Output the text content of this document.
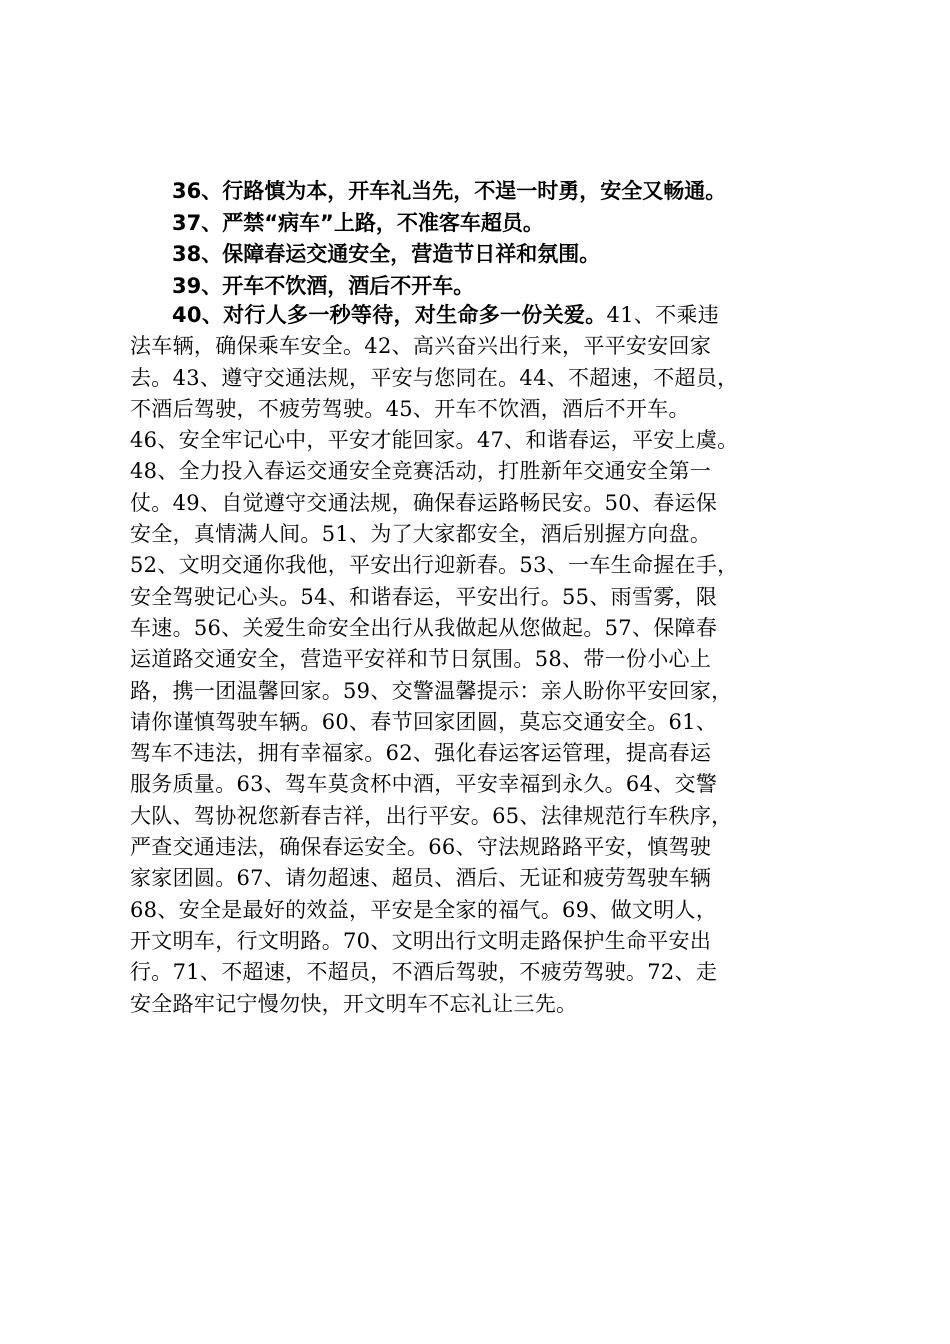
36、行路慎为本，开车礼当先，不逞一时勇，安全又畅通。
37、严禁“病车”上路，不准客车超员。
38、保障春运交通安全，营造节日祥和氛围。
39、开车不饮酒，酒后不开车。
40、对行人多一秒等待，对生命多一份关爱。41、不乘违
法车辆，确保乘车安全。42、高兴奋兴出行来，平平安安回家
去。43、遵守交通法规，平安与您同在。44、不超速，不超员，
不酒后驾驶，不疲劳驾驶。45、开车不饮酒，酒后不开车。
46、安全牢记心中，平安才能回家。47、和谐春运，平安上虞。
48、全力投入春运交通安全竞赛活动，打胜新年交通安全第一
仗。49、自觉遵守交通法规，确保春运路畅民安。50、春运保
安全，真情满人间。51、为了大家都安全，酒后别握方向盘。
52、文明交通你我他，平安出行迎新春。53、一车生命握在手，
安全驾驶记心头。54、和谐春运，平安出行。55、雨雪雾，限
车速。56、关爱生命安全出行从我做起从您做起。57、保障春
运道路交通安全，营造平安祥和节日氛围。58、带一份小心上
路，携一团温馨回家。59、交警温馨提示：亲人盼你平安回家，
请你谨慎驾驶车辆。60、春节回家团圆，莫忘交通安全。61、
驾车不违法，拥有幸福家。62、强化春运客运管理，提高春运
服务质量。63、驾车莫贪杯中酒，平安幸福到永久。64、交警
大队、驾协祝您新春吉祥，出行平安。65、法律规范行车秩序，
严查交通违法，确保春运安全。66、守法规路路平安，慎驾驶
家家团圆。67、请勿超速、超员、酒后、无证和疲劳驾驶车辆
68、安全是最好的效益，平安是全家的福气。69、做文明人，
开文明车，行文明路。70、文明出行文明走路保护生命平安出
行。71、不超速，不超员，不酒后驾驶，不疲劳驾驶。72、走
安全路牢记宁慢勿快，开文明车不忘礼让三先。
